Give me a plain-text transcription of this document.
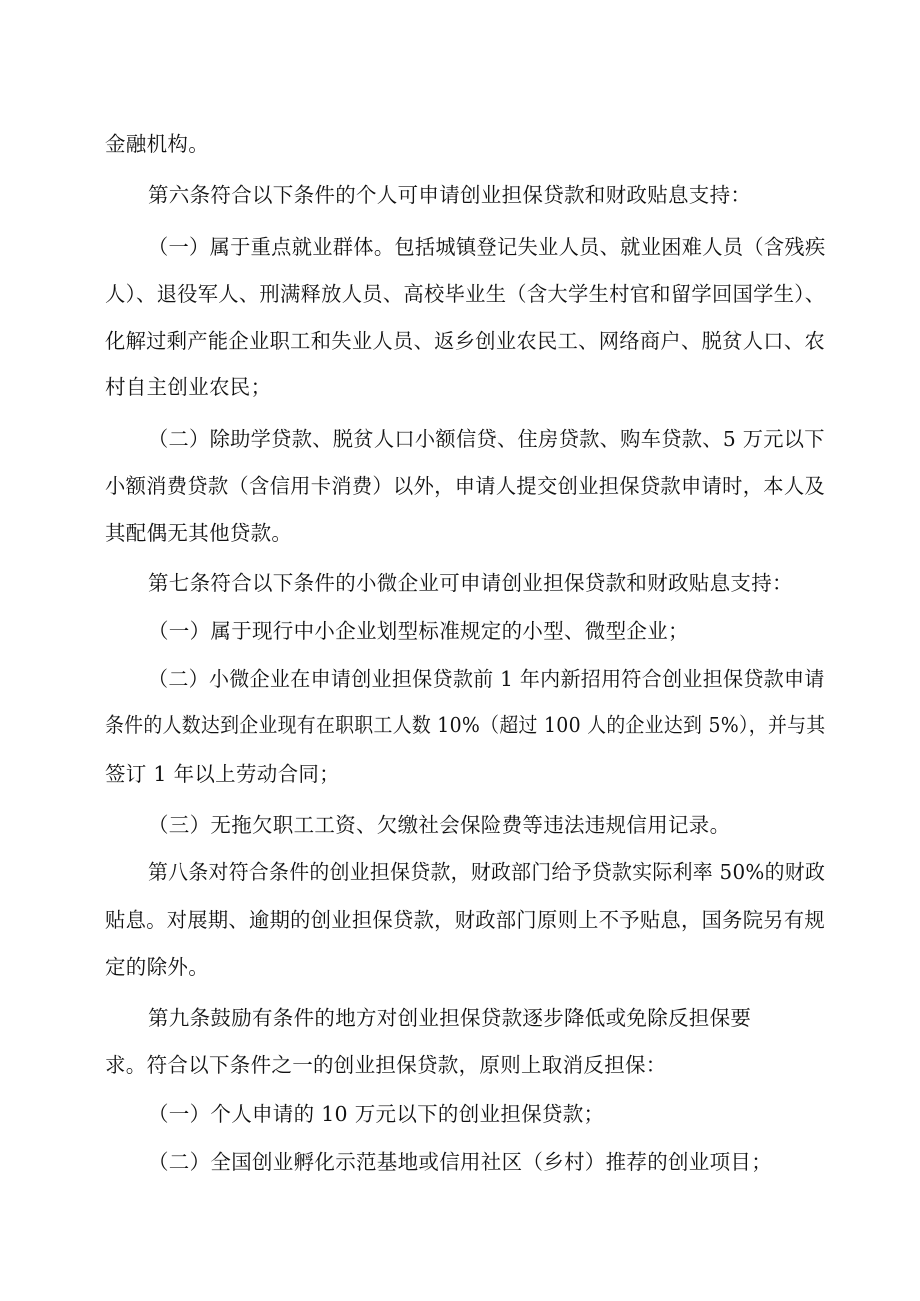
金融机构。
第六条符合以下条件的个人可申请创业担保贷款和财政贴息支持：
（一）属于重点就业群体。包括城镇登记失业人员、就业困难人员（含残疾
人）、退役军人、刑满释放人员、高校毕业生（含大学生村官和留学回国学生）、
化解过剩产能企业职工和失业人员、返乡创业农民工、网络商户、脱贫人口、农
村自主创业农民；
（二）除助学贷款、脱贫人口小额信贷、住房贷款、购车贷款、5 万元以下
小额消费贷款（含信用卡消费）以外，申请人提交创业担保贷款申请时，本人及
其配偶无其他贷款。
第七条符合以下条件的小微企业可申请创业担保贷款和财政贴息支持：
（一）属于现行中小企业划型标准规定的小型、微型企业；
（二）小微企业在申请创业担保贷款前 1 年内新招用符合创业担保贷款申请
条件的人数达到企业现有在职职工人数 10%（超过 100 人的企业达到 5%），并与其
签订 1 年以上劳动合同；
（三）无拖欠职工工资、欠缴社会保险费等违法违规信用记录。
第八条对符合条件的创业担保贷款，财政部门给予贷款实际利率 50%的财政
贴息。对展期、逾期的创业担保贷款，财政部门原则上不予贴息，国务院另有规
定的除外。
第九条鼓励有条件的地方对创业担保贷款逐步降低或免除反担保要
求。符合以下条件之一的创业担保贷款，原则上取消反担保：
（一）个人申请的 10 万元以下的创业担保贷款；
（二）全国创业孵化示范基地或信用社区（乡村）推荐的创业项目；
